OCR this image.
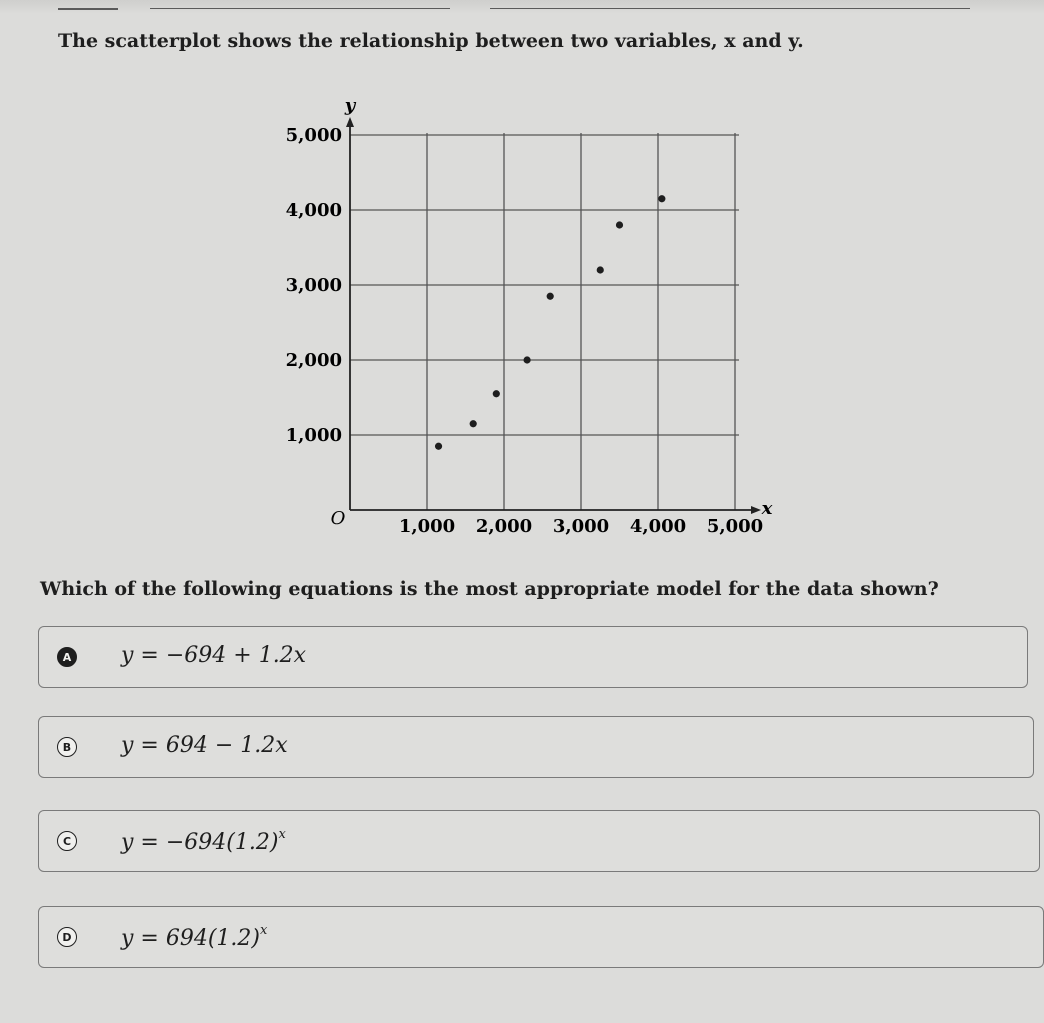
The scatterplot shows the relationship between two variables, x and y.
y
x
O
1,000
2,000
3,000
4,000
5,000
1,000 2,000 3,000 4,000 5,000
Which of the following equations is the most appropriate model for the data shown?
A y = −694 + 1.2x
B y = 694 − 1.2x
C $y = -694(1.2)^x$
D $y = 694(1.2)^x$
